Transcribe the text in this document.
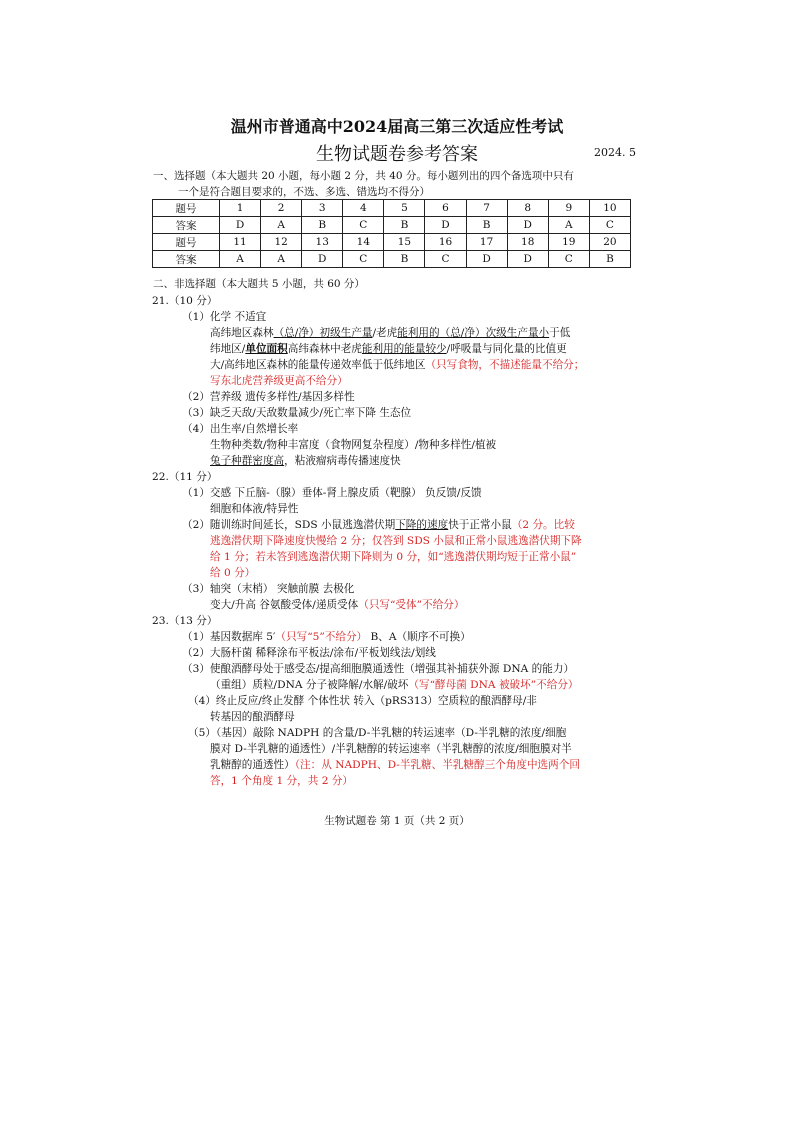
温州市普通高中2024届高三第三次适应性考试
生物试题卷参考答案	2024. 5
一、选择题（本大题共 20 小题，每小题 2 分，共 40 分。每小题列出的四个备选项中只有
一个是符合题目要求的，不选、多选、错选均不得分）
题号	1	2	3	4	5	6	7	8	9	10
答案	D	A	B	C	B	D	B	D	A	C
题号	11	12	13	14	15	16	17	18	19	20
答案	A	A	D	C	B	C	D	D	C	B
二、非选择题（本大题共 5 小题，共 60 分）
21.（10 分）
（1）化学 不适宜
高纬地区森林（总/净）初级生产量/老虎能利用的（总/净）次级生产量小于低
纬地区/单位面积高纬森林中老虎能利用的能量较少/呼吸量与同化量的比值更
大/高纬地区森林的能量传递效率低于低纬地区（只写食物，不描述能量不给分；
写东北虎营养级更高不给分）
（2）营养级 遗传多样性/基因多样性
（3）缺乏天敌/天敌数量减少/死亡率下降 生态位
（4）出生率/自然增长率
生物种类数/物种丰富度（食物网复杂程度）/物种多样性/植被
兔子种群密度高，粘液瘤病毒传播速度快
22.（11 分）
（1）交感 下丘脑-（腺）垂体-肾上腺皮质（靶腺） 负反馈/反馈
细胞和体液/特异性
（2）随训练时间延长，SDS 小鼠逃逸潜伏期下降的速度快于正常小鼠（2 分。比较
逃逸潜伏期下降速度快慢给 2 分；仅答到 SDS 小鼠和正常小鼠逃逸潜伏期下降
给 1 分；若未答到逃逸潜伏期下降则为 0 分，如“逃逸潜伏期均短于正常小鼠”
给 0 分）
（3）轴突（末梢） 突触前膜 去极化
变大/升高 谷氨酸受体/递质受体（只写“受体”不给分）
23.（13 分）
（1）基因数据库 5′（只写“5”不给分） B、A（顺序不可换）
（2）大肠杆菌 稀释涂布平板法/涂布/平板划线法/划线
（3）使酿酒酵母处于感受态/提高细胞膜通透性（增强其补捕获外源 DNA 的能力）
（重组）质粒/DNA 分子被降解/水解/破坏（写“酵母菌 DNA 被破坏”不给分）
（4）终止反应/终止发酵 个体性状 转入（pRS313）空质粒的酿酒酵母/非
转基因的酿酒酵母
（5）（基因）敲除 NADPH 的含量/D-半乳糖的转运速率（D-半乳糖的浓度/细胞
膜对 D-半乳糖的通透性）/半乳糖醇的转运速率（半乳糖醇的浓度/细胞膜对半
乳糖醇的通透性）（注：从 NADPH、D-半乳糖、半乳糖醇三个角度中选两个回
答，1 个角度 1 分，共 2 分）
生物试题卷 第 1 页（共 2 页）
